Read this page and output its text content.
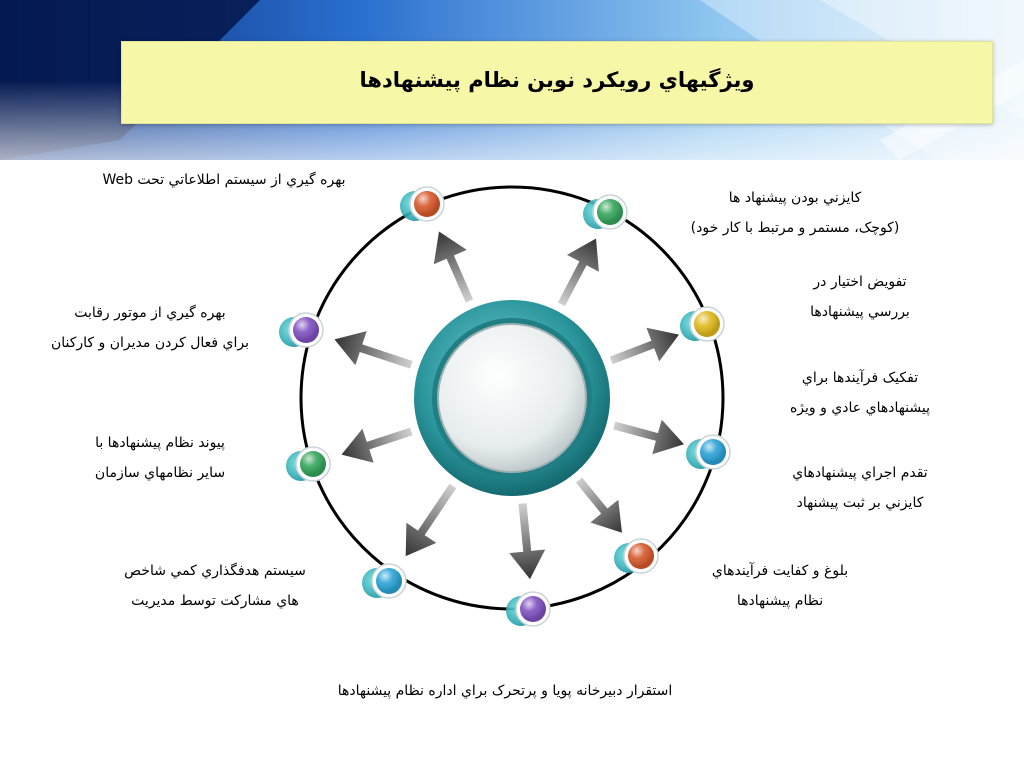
ويژگيهاي رويکرد نوين نظام پيشنهادها
بهره گيري از سيستم اطلاعاتي تحت Web
کايزني بودن پيشنهاد ها
(کوچک، مستمر و مرتبط با کار خود)
تفويض اختيار در
بررسي پيشنهادها
تفکيک فرآيندها براي
پيشنهادهاي عادي و ويژه
تقدم اجراي پيشنهادهاي
کايزني بر ثبت پيشنهاد
بلوغ و کفايت فرآيندهاي
نظام پيشنهادها
استقرار دبيرخانه پويا و پرتحرک براي اداره نظام پيشنهادها
سيستم هدفگذاري کمي شاخص
هاي مشارکت توسط مديريت
پيوند نظام پيشنهادها با
ساير نظامهاي سازمان
بهره گيري از موتور رقابت
براي فعال کردن مديران و کارکنان
